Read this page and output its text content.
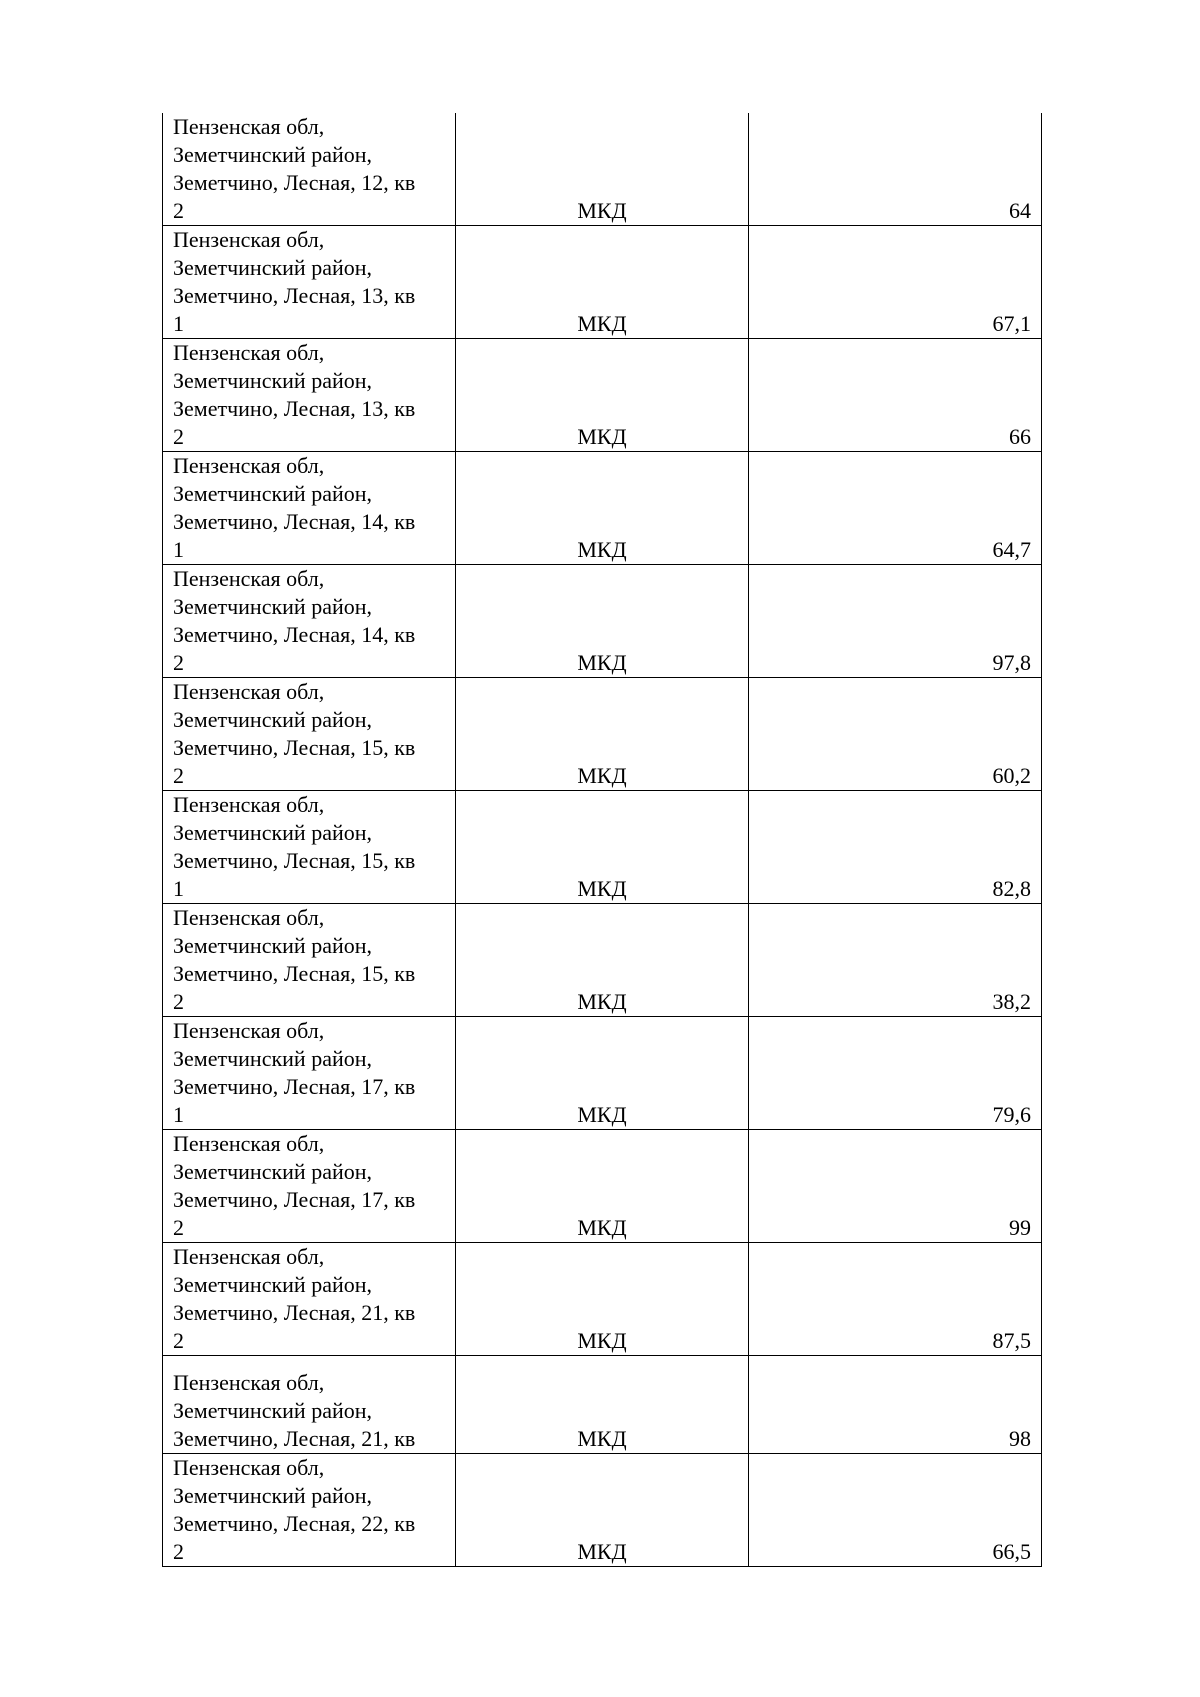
Пензенская обл,
Земетчинский район,
Земетчино, Лесная, 12, кв
2	МКД	64
Пензенская обл,
Земетчинский район,
Земетчино, Лесная, 13, кв
1	МКД	67,1
Пензенская обл,
Земетчинский район,
Земетчино, Лесная, 13, кв
2	МКД	66
Пензенская обл,
Земетчинский район,
Земетчино, Лесная, 14, кв
1	МКД	64,7
Пензенская обл,
Земетчинский район,
Земетчино, Лесная, 14, кв
2	МКД	97,8
Пензенская обл,
Земетчинский район,
Земетчино, Лесная, 15, кв
2	МКД	60,2
Пензенская обл,
Земетчинский район,
Земетчино, Лесная, 15, кв
1	МКД	82,8
Пензенская обл,
Земетчинский район,
Земетчино, Лесная, 15, кв
2	МКД	38,2
Пензенская обл,
Земетчинский район,
Земетчино, Лесная, 17, кв
1	МКД	79,6
Пензенская обл,
Земетчинский район,
Земетчино, Лесная, 17, кв
2	МКД	99
Пензенская обл,
Земетчинский район,
Земетчино, Лесная, 21, кв
2	МКД	87,5
Пензенская обл,
Земетчинский район,
Земетчино, Лесная, 21, кв	МКД	98
Пензенская обл,
Земетчинский район,
Земетчино, Лесная, 22, кв
2	МКД	66,5
